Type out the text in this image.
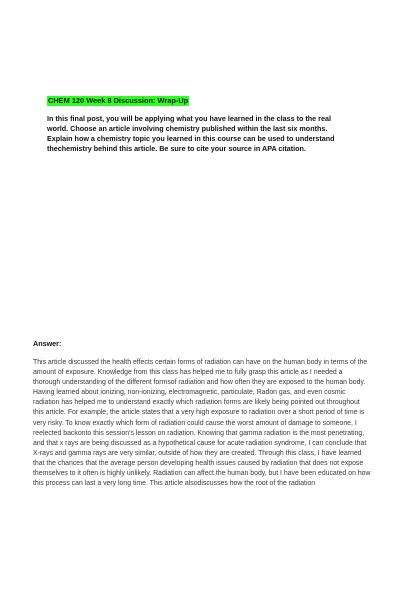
CHEM 120 Week 8 Discussion: Wrap-Up
In this final post, you will be applying what you have learned in the class to the real world. Choose an article involving chemistry published within the last six months. Explain how a chemistry topic you learned in this course can be used to understand thechemistry behind this article. Be sure to cite your source in APA citation.
Answer:
This article discussed the health effects certain forms of radiation can have on the human body in terms of the amount of exposure. Knowledge from this class has helped me to fully grasp this article as I needed a thorough understanding of the different formsof radiation and how often they are exposed to the human body. Having learned about ionizing, non-ionizing, electromagnetic, particulate, Radon gas, and even cosmic radiation has helped me to understand exactly which radiation forms are likely being pointed out throughout this article. For example, the article states that a very high exposure to radiation over a short period of time is very risky. To know exactly which form of radiation could cause the worst amount of damage to someone, I reelected backonto this session's lesson on radiation. Knowing that gamma radiation is the most penetrating, and that x rays are being discussed as a hypothetical cause for acute radiation syndrome, I can conclude that X-rays and gamma rays are very similar, outside of how they are created. Through this class, I have learned that the chances that the average person developing health issues caused by radiation that does not expose themselves to it often is highly unlikely. Radiation can affect the human body, but I have been educated on how this process can last a very long time. This article alsodiscusses how the root of the radiation
